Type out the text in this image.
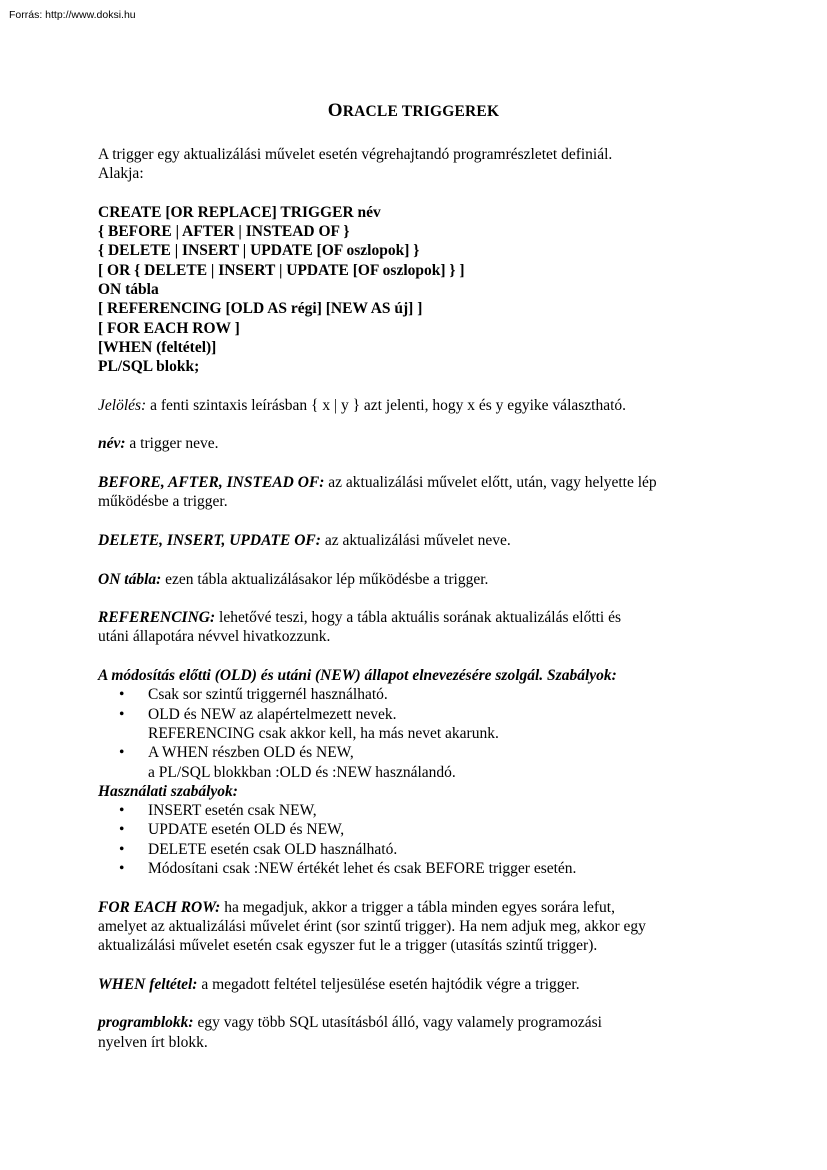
Forrás: http://www.doksi.hu
ORACLE TRIGGEREK

A trigger egy aktualizálási művelet esetén végrehajtandó programrészletet definiál.

Alakja:

CREATE [OR REPLACE] TRIGGER név

{ BEFORE | AFTER | INSTEAD OF }

{ DELETE | INSERT | UPDATE [OF oszlopok] }

[ OR { DELETE | INSERT | UPDATE [OF oszlopok] } ]

ON tábla

[ REFERENCING [OLD AS régi] [NEW AS új] ]

[ FOR EACH ROW ]

[WHEN (feltétel)]

PL/SQL blokk;

Jelölés: a fenti szintaxis leírásban { x | y } azt jelenti, hogy x és y egyike választható.

név: a trigger neve.

BEFORE, AFTER, INSTEAD OF: az aktualizálási művelet előtt, után, vagy helyette lép

működésbe a trigger.

DELETE, INSERT, UPDATE OF: az aktualizálási művelet neve.

ON tábla: ezen tábla aktualizálásakor lép működésbe a trigger.

REFERENCING: lehetővé teszi, hogy a tábla aktuális sorának aktualizálás előtti és

utáni állapotára névvel hivatkozzunk.

A módosítás előtti (OLD) és utáni (NEW) állapot elnevezésére szolgál. Szabályok:

• Csak sor szintű triggernél használható.
• OLD és NEW az alapértelmezett nevek.
REFERENCING csak akkor kell, ha más nevet akarunk.
• A WHEN részben OLD és NEW,
a PL/SQL blokkban :OLD és :NEW használandó.

Használati szabályok:

• INSERT esetén csak NEW,
• UPDATE esetén OLD és NEW,
• DELETE esetén csak OLD használható.
• Módosítani csak :NEW értékét lehet és csak BEFORE trigger esetén.

FOR EACH ROW: ha megadjuk, akkor a trigger a tábla minden egyes sorára lefut,

amelyet az aktualizálási művelet érint (sor szintű trigger). Ha nem adjuk meg, akkor egy

aktualizálási művelet esetén csak egyszer fut le a trigger (utasítás szintű trigger).

WHEN feltétel: a megadott feltétel teljesülése esetén hajtódik végre a trigger.

programblokk: egy vagy több SQL utasításból álló, vagy valamely programozási

nyelven írt blokk.
